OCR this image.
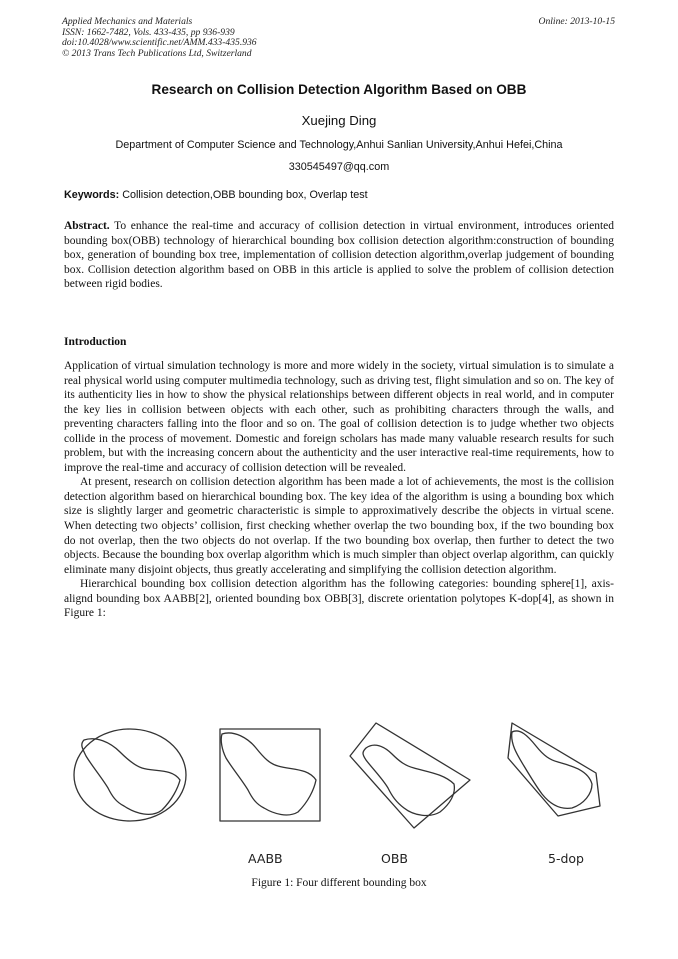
Applied Mechanics and Materials
ISSN: 1662-7482, Vols. 433-435, pp 936-939
doi:10.4028/www.scientific.net/AMM.433-435.936
© 2013 Trans Tech Publications Ltd, Switzerland
Online: 2013-10-15
Research on Collision Detection Algorithm Based on OBB
Xuejing Ding
Department of Computer Science and Technology,Anhui Sanlian University,Anhui Hefei,China
330545497@qq.com
Keywords: Collision detection,OBB bounding box, Overlap test
Abstract. To enhance the real-time and accuracy of collision detection in virtual environment, introduces oriented bounding box(OBB) technology of hierarchical bounding box collision detection algorithm:construction of bounding box, generation of bounding box tree, implementation of collision detection algorithm,overlap judgement of bounding box. Collision detection algorithm based on OBB in this article is applied to solve the problem of collision detection between rigid bodies.
Introduction

Application of virtual simulation technology is more and more widely in the society, virtual simulation is to simulate a real physical world using computer multimedia technology, such as driving test, flight simulation and so on. The key of its authenticity lies in how to show the physical relationships between different objects in real world, and in computer the key lies in collision between objects with each other, such as prohibiting characters through the walls, and preventing characters falling into the floor and so on. The goal of collision detection is to judge whether two objects collide in the process of movement. Domestic and foreign scholars has made many valuable research results for such problem, but with the increasing concern about the authenticity and the user interactive real-time requirements, how to improve the real-time and accuracy of collision detection will be revealed.

At present, research on collision detection algorithm has been made a lot of achievements, the most is the collision detection algorithm based on hierarchical bounding box. The key idea of the algorithm is using a bounding box which size is slightly larger and geometric characteristic is simple to approximatively describe the objects in virtual scene. When detecting two objects’ collision, first checking whether overlap the two bounding box, if the two bounding box do not overlap, then the two objects do not overlap. If the two bounding box overlap, then further to detect the two objects. Because the bounding box overlap algorithm which is much simpler than object overlap algorithm, can quickly eliminate many disjoint objects, thus greatly accelerating and simplifying the collision detection algorithm.

Hierarchical bounding box collision detection algorithm has the following categories: bounding sphere[1], axis-alignd bounding box AABB[2], oriented bounding box OBB[3], discrete orientation polytopes K-dop[4], as shown in Figure 1:

AABB	OBB	5-dop
Figure 1: Four different bounding box
